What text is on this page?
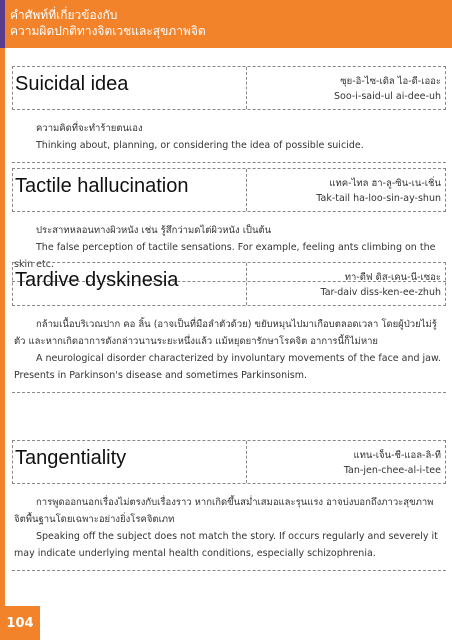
คำศัพท์ที่เกี่ยวข้องกับ
ความผิดปกติทางจิตเวชและสุขภาพจิต
Suicidal idea	ซุย-อิ-ไซ-เดิล ไอ-ดี-เออะ
Soo-i-said-ul ai-dee-uh

ความคิดที่จะทำร้ายตนเอง

Thinking about, planning, or considering the idea of possible suicide.

Tactile hallucination	แทค-ไทล ฮา-ลู-ซิน-เน-เชิ่น
Tak-tail ha-loo-sin-ay-shun

ประสาทหลอนทางผิวหนัง เช่น รู้สึกว่ามดไต่ผิวหนัง เป็นต้น

The false perception of tactile sensations. For example, feeling ants climbing on the skin etc.

Tardive dyskinesia	ทา-ดีฟ ดิส-เคน-นี-เซอะ
Tar-daiv diss-ken-ee-zhuh

กล้ามเนื้อบริเวณปาก คอ ลิ้น (อาจเป็นที่มือลำตัวด้วย) ขยับหมุนไปมาเกือบตลอดเวลา โดยผู้ป่วยไม่รู้ตัว และหากเกิดอาการดังกล่าวนานระยะหนึ่งแล้ว แม้หยุดยารักษาโรคจิต อาการนี้ก็ไม่หาย

A neurological disorder characterized by involuntary movements of the face and jaw. Presents in Parkinson's disease and sometimes Parkinsonism.

Tangentiality	แทน-เจ็น-ชี-แอล-ลิ-ที
Tan-jen-chee-al-i-tee

การพูดออกนอกเรื่องไม่ตรงกับเรื่องราว หากเกิดขึ้นสม่ำเสมอและรุนแรง อาจบ่งบอกถึงภาวะสุขภาพจิตพื้นฐานโดยเฉพาะอย่างยิ่งโรคจิตเภท

Speaking off the subject does not match the story. If occurs regularly and severely it may indicate underlying mental health conditions, especially schizophrenia.

104
